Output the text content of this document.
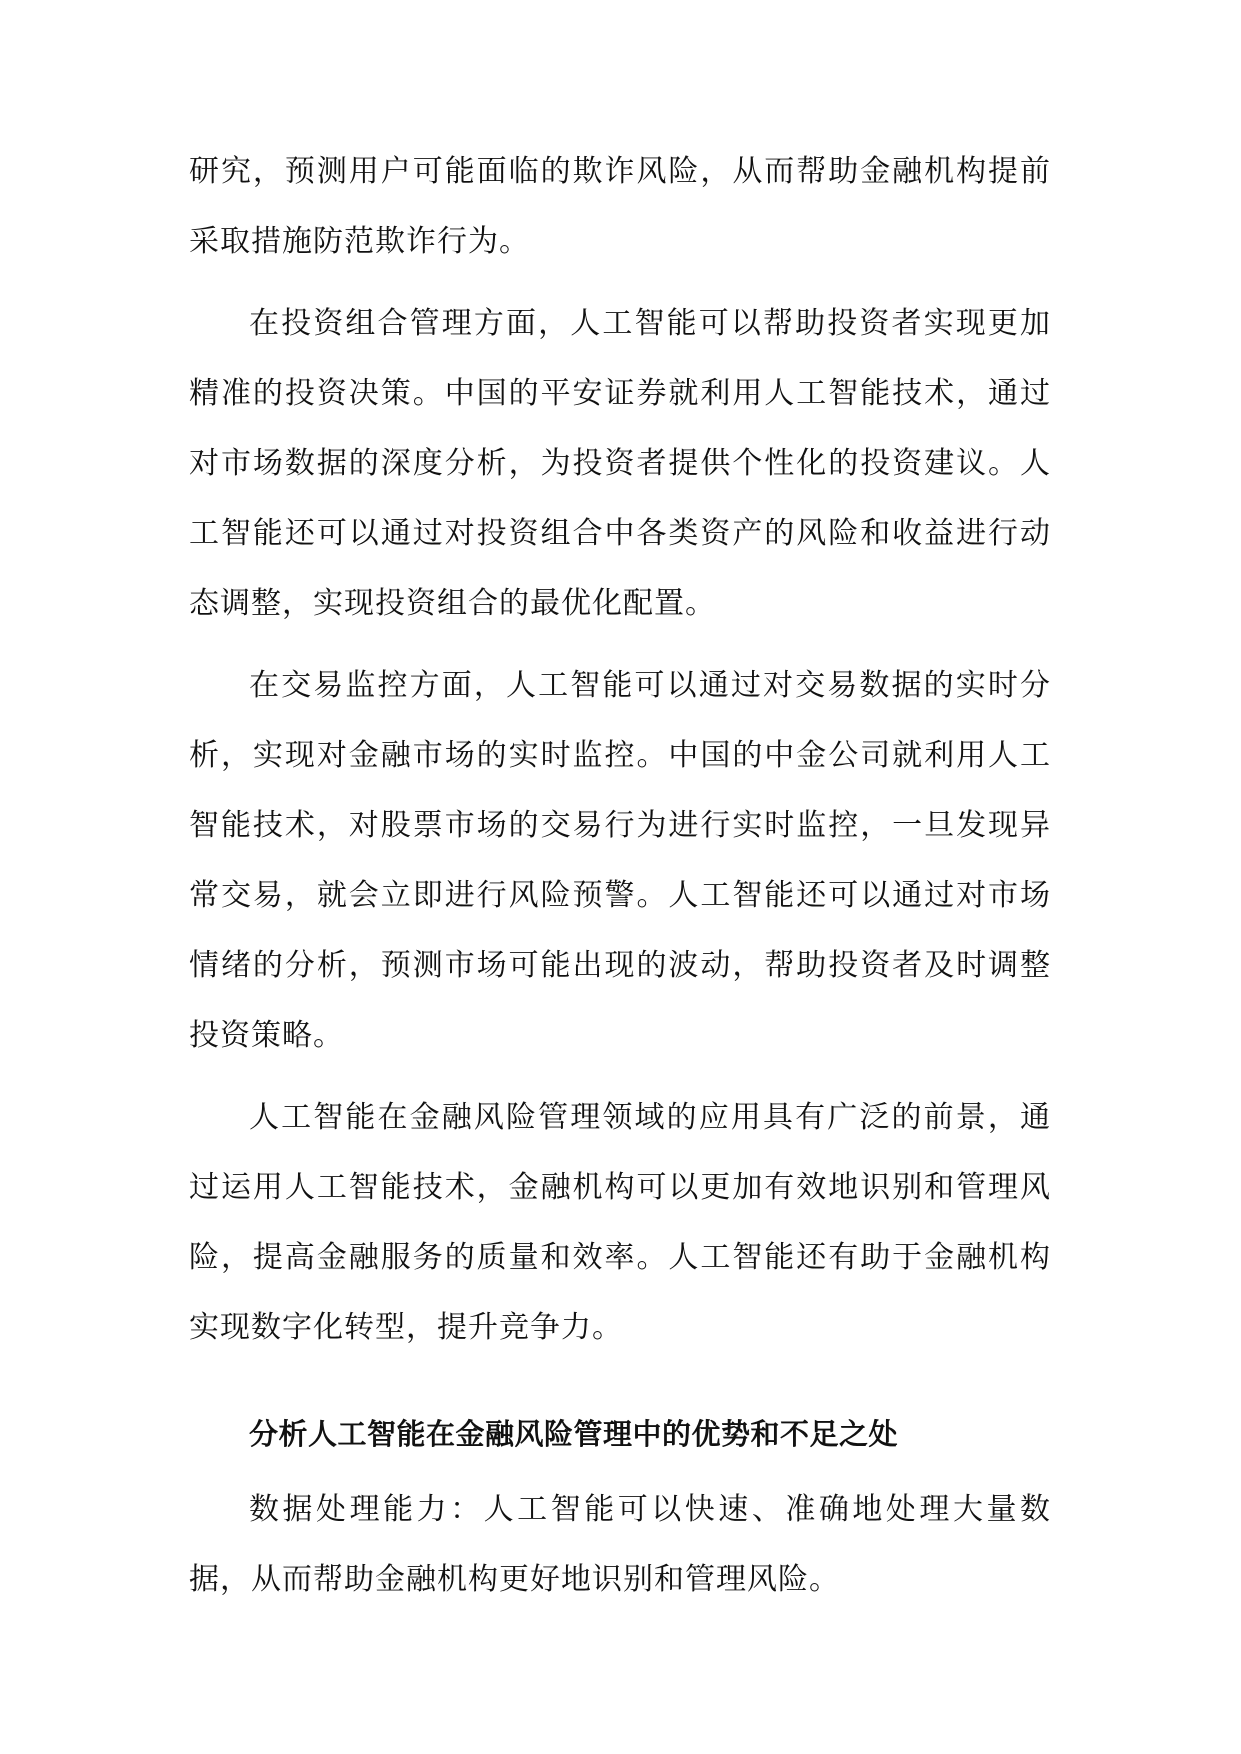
研究，预测用户可能面临的欺诈风险，从而帮助金融机构提前采取措施防范欺诈行为。

在投资组合管理方面，人工智能可以帮助投资者实现更加精准的投资决策。中国的平安证券就利用人工智能技术，通过对市场数据的深度分析，为投资者提供个性化的投资建议。人工智能还可以通过对投资组合中各类资产的风险和收益进行动态调整，实现投资组合的最优化配置。

在交易监控方面，人工智能可以通过对交易数据的实时分析，实现对金融市场的实时监控。中国的中金公司就利用人工智能技术，对股票市场的交易行为进行实时监控，一旦发现异常交易，就会立即进行风险预警。人工智能还可以通过对市场情绪的分析，预测市场可能出现的波动，帮助投资者及时调整投资策略。

人工智能在金融风险管理领域的应用具有广泛的前景，通过运用人工智能技术，金融机构可以更加有效地识别和管理风险，提高金融服务的质量和效率。人工智能还有助于金融机构实现数字化转型，提升竞争力。

分析人工智能在金融风险管理中的优势和不足之处

数据处理能力：人工智能可以快速、准确地处理大量数据，从而帮助金融机构更好地识别和管理风险。
